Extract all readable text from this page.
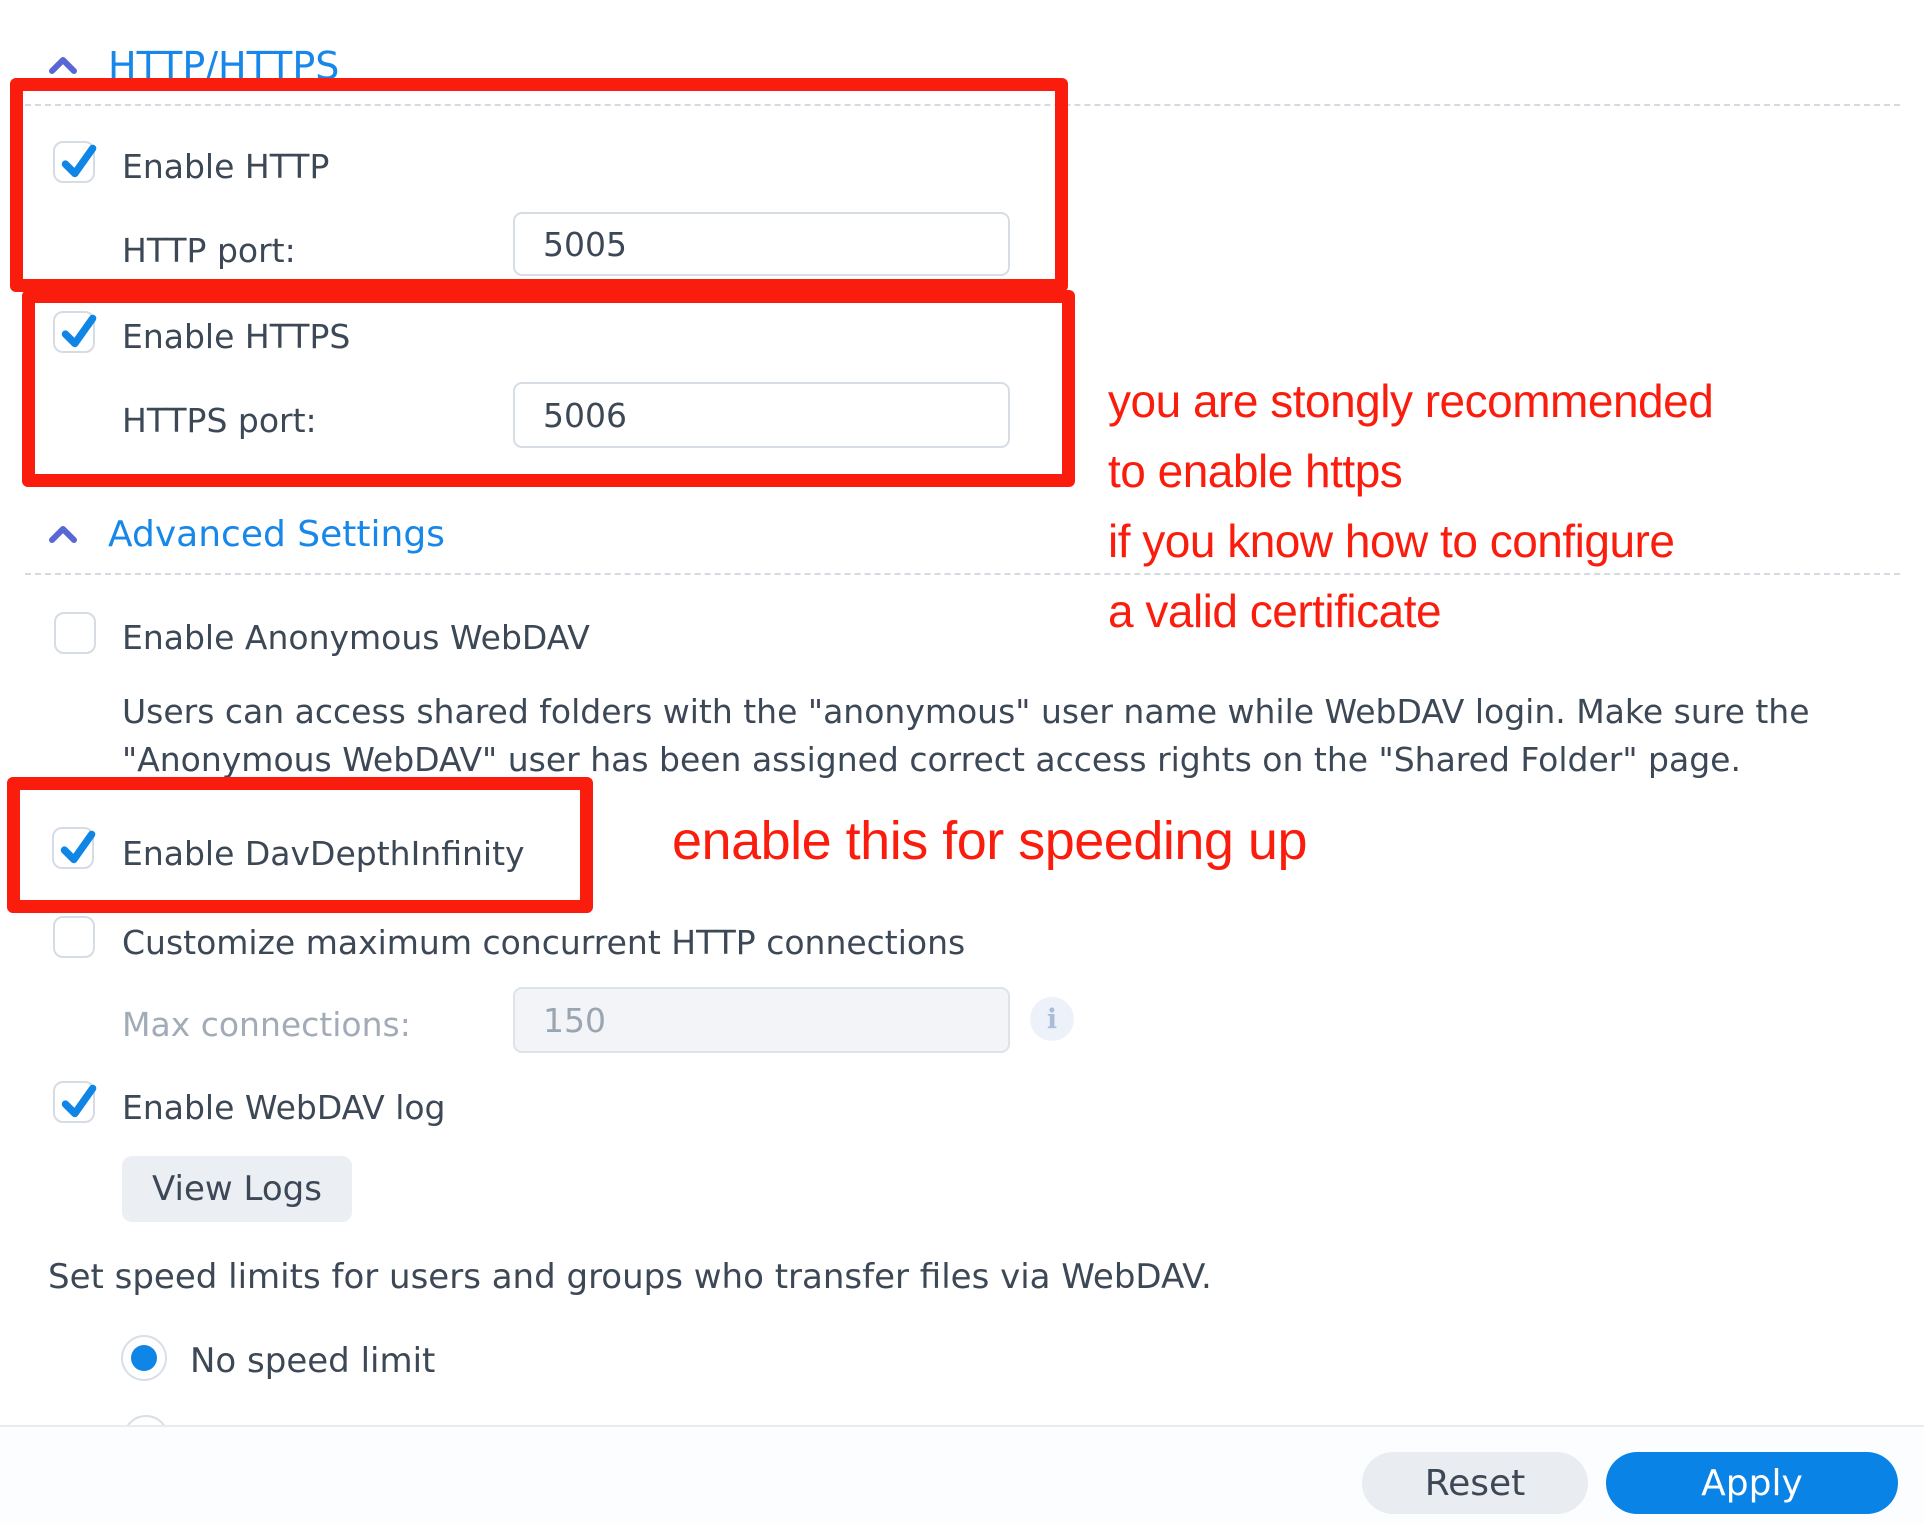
HTTP/HTTPS
Enable HTTP
HTTP port:
5005
Enable HTTPS
HTTPS port:
5006
Advanced Settings
Enable Anonymous WebDAV
Users can access shared folders with the "anonymous" user name while WebDAV login. Make sure the
"Anonymous WebDAV" user has been assigned correct access rights on the "Shared Folder" page.
Enable DavDepthInfinity
Customize maximum concurrent HTTP connections
Max connections:
150	i
Enable WebDAV log
View Logs
Set speed limits for users and groups who transfer files via WebDAV.
No speed limit
Reset	Apply
you are stongly recommended
to enable https
if you know how to configure
a valid certificate
enable this for speeding up
